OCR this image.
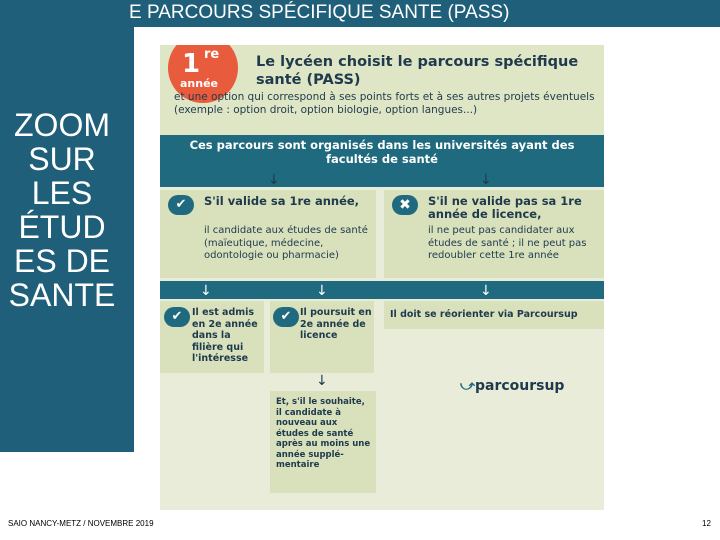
E PARCOURS SPÉCIFIQUE SANTE (PASS)
ZOOM SUR LES ÉTUD ES DE SANTE
1 re
année
Le lycéen choisit le parcours spécifique santé (PASS)
et une option qui correspond à ses points forts et à ses autres projets éventuels (exemple : option droit, option biologie, option langues...)
Ces parcours sont organisés dans les universités ayant des facultés de santé
↓	↓
✔	S'il valide sa 1re année,
il candidate aux études de santé (maïeutique, médecine, odontologie ou pharmacie)
✖	S'il ne valide pas sa 1re année de licence,
il ne peut pas candidater aux études de santé ; il ne peut pas redoubler cette 1re année
↓	↓	↓
✔	Il est admis en 2e année dans la filière qui l'intéresse
✔ Il poursuit en 2e année de licence
Il doit se réorienter via Parcoursup
⤻parcoursup
↓
Et, s'il le souhaite, il candidate à nouveau aux études de santé après au moins une année supplé- mentaire
SAIO NANCY-METZ / NOVEMBRE 2019	12
